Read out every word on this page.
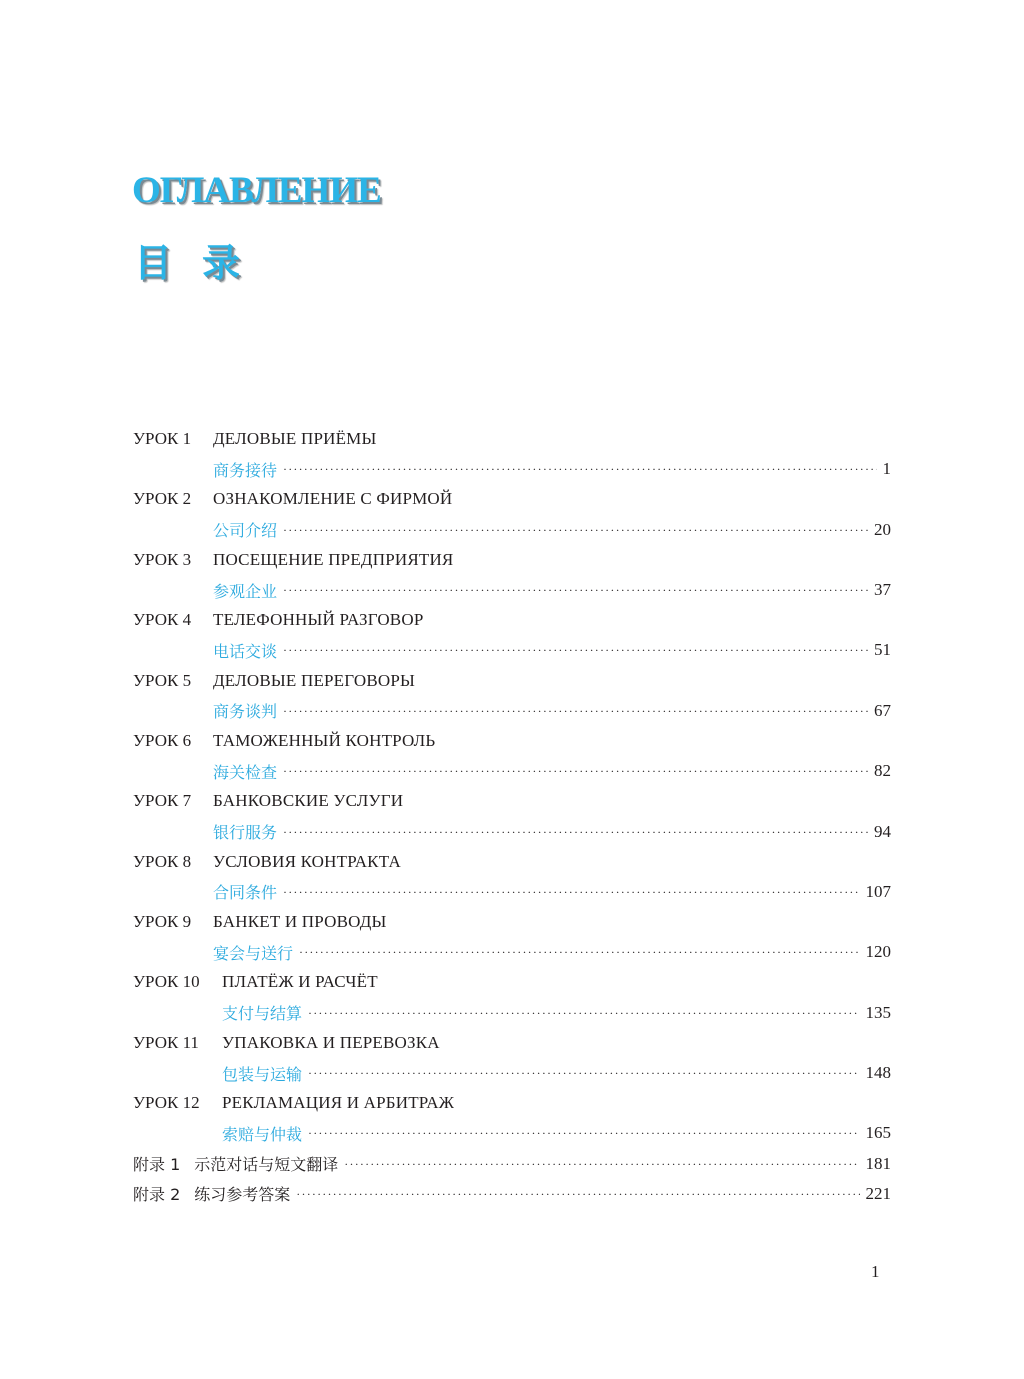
ОГЛАВЛЕНИЕ
目录
УРОК 1	ДЕЛОВЫЕ ПРИЁМЫ
商务接待 ·····	1
УРОК 2	ОЗНАКОМЛЕНИЕ С ФИРМОЙ
公司介绍 ·····	20
УРОК 3	ПОСЕЩЕНИЕ ПРЕДПРИЯТИЯ
参观企业 ·····	37
УРОК 4	ТЕЛЕФОННЫЙ РАЗГОВОР
电话交谈 ·····	51
УРОК 5	ДЕЛОВЫЕ ПЕРЕГОВОРЫ
商务谈判 ·····	67
УРОК 6	ТАМОЖЕННЫЙ КОНТРОЛЬ
海关检查 ·····	82
УРОК 7	БАНКОВСКИЕ УСЛУГИ
银行服务 ·····	94
УРОК 8	УСЛОВИЯ КОНТРАКТА
合同条件 ·····	107
УРОК 9	БАНКЕТ И ПРОВОДЫ
宴会与送行 ·····	120
УРОК 10	ПЛАТЁЖ И РАСЧЁТ
支付与结算 ·····	135
УРОК 11	УПАКОВКА И ПЕРЕВОЗКА
包装与运输 ·····	148
УРОК 12	РЕКЛАМАЦИЯ И АРБИТРАЖ
索赔与仲裁 ·····	165
附录 1 示范对话与短文翻译 ·····	181
附录 2 练习参考答案 ·····	221
1
